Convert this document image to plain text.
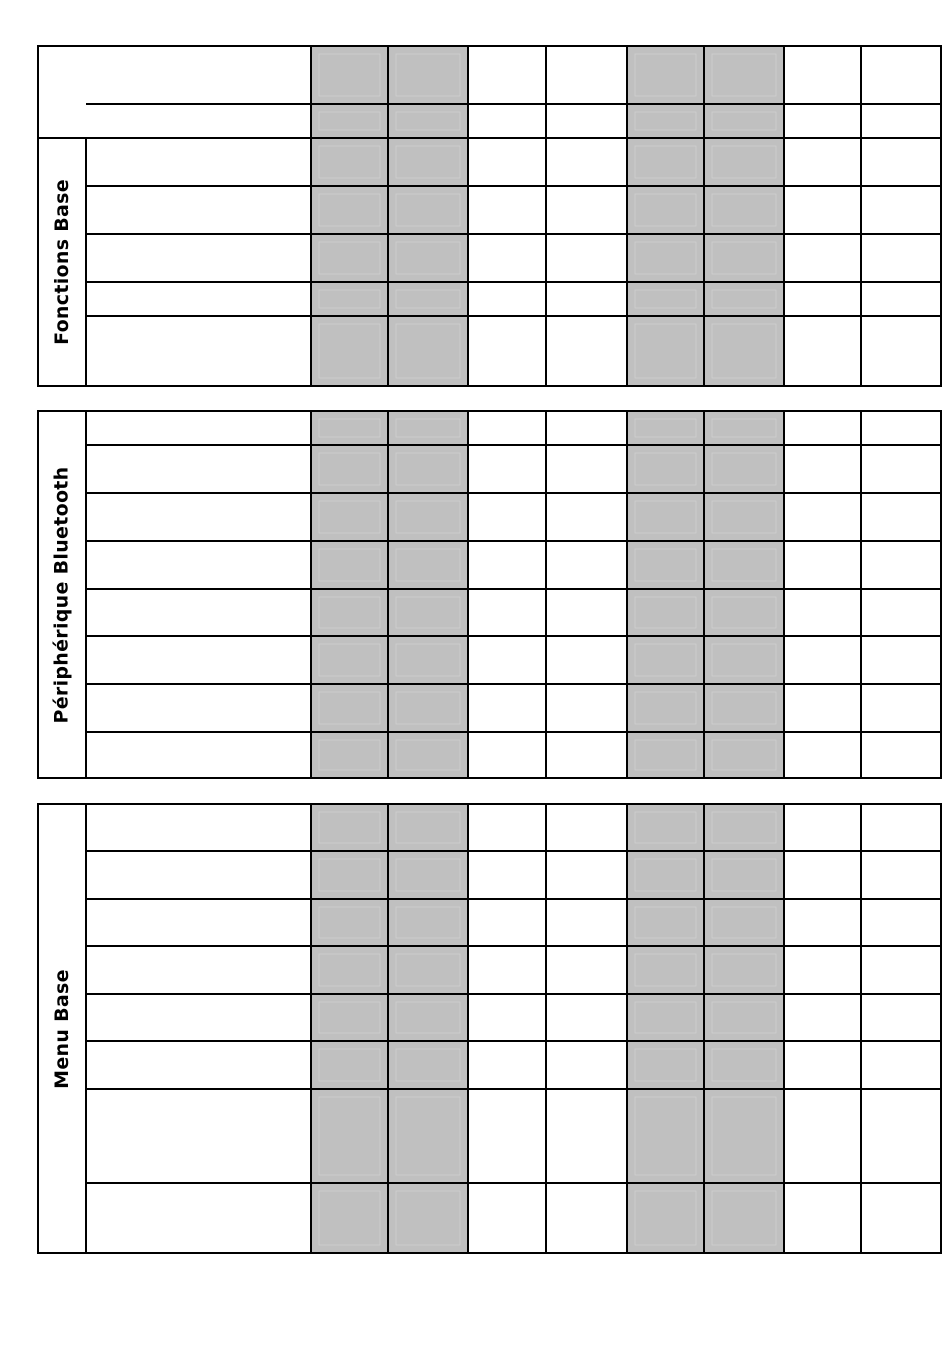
Fonctions Base
Périphérique Bluetooth
Menu Base
